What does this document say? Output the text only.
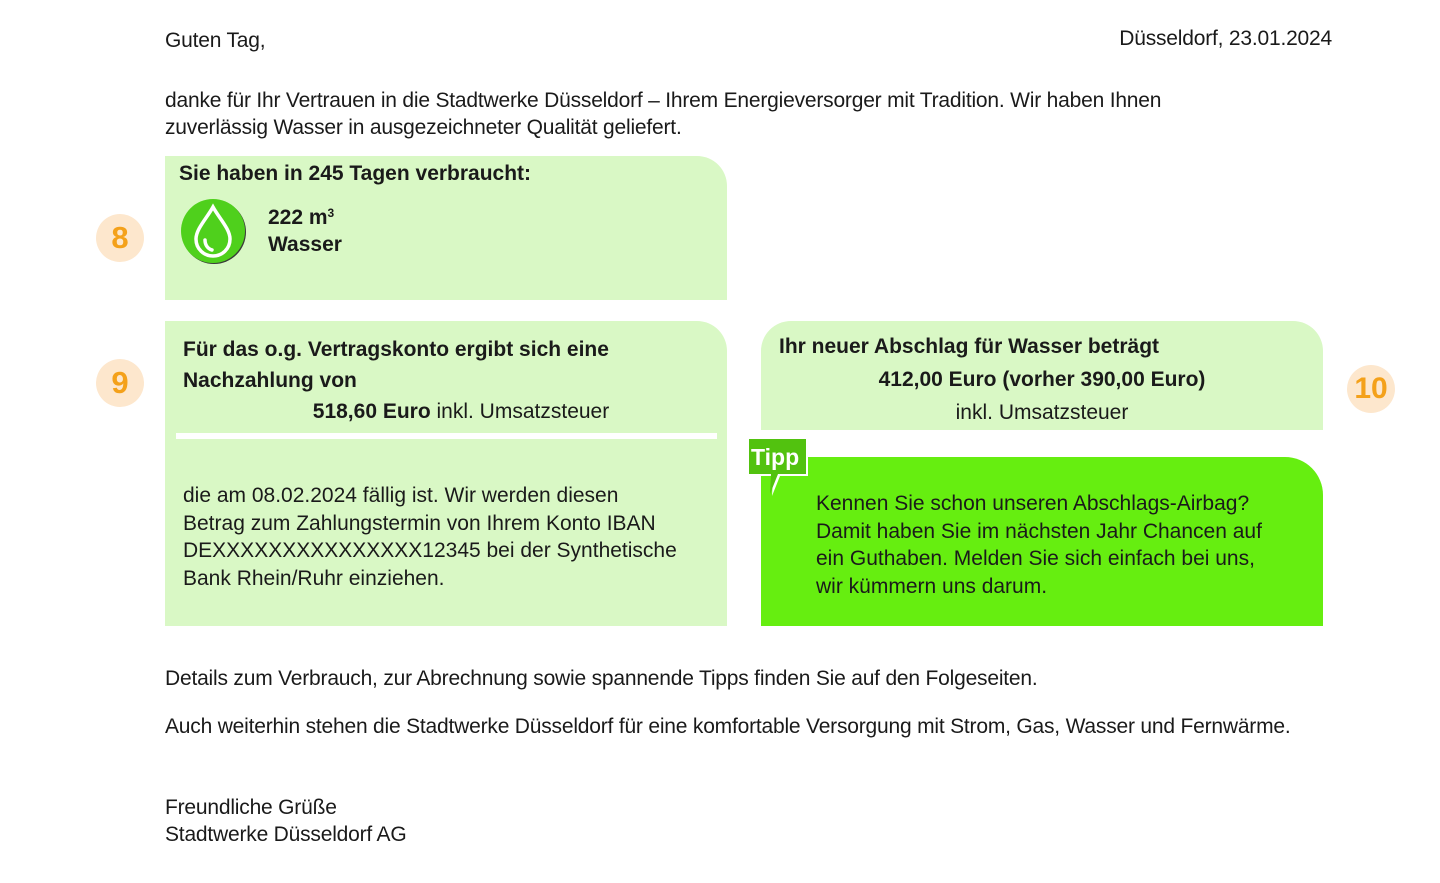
Guten Tag,	Düsseldorf, 23.01.2024

danke für Ihr Vertrauen in die Stadtwerke Düsseldorf – Ihrem Energieversorger mit Tradition. Wir haben Ihnen
zuverlässig Wasser in ausgezeichneter Qualität geliefert.

8

Sie haben in 245 Tagen verbraucht:

222 $m^3$

Wasser

9

Für das o.g. Vertragskonto ergibt sich eine Nachzahlung von

518,60 Euro inkl. Umsatzsteuer

die am 08.02.2024 fällig ist. Wir werden diesen
Betrag zum Zahlungstermin von Ihrem Konto IBAN
DEXXXXXXXXXXXXXXX12345 bei der Synthetische
Bank Rhein/Ruhr einziehen.

10

Ihr neuer Abschlag für Wasser beträgt

412,00 Euro (vorher 390,00 Euro)

inkl. Umsatzsteuer

Tipp

Kennen Sie schon unseren Abschlags-Airbag?
Damit haben Sie im nächsten Jahr Chancen auf
ein Guthaben. Melden Sie sich einfach bei uns,
wir kümmern uns darum.

Details zum Verbrauch, zur Abrechnung sowie spannende Tipps finden Sie auf den Folgeseiten.

Auch weiterhin stehen die Stadtwerke Düsseldorf für eine komfortable Versorgung mit Strom, Gas, Wasser und Fernwärme.

Freundliche Grüße
Stadtwerke Düsseldorf AG
